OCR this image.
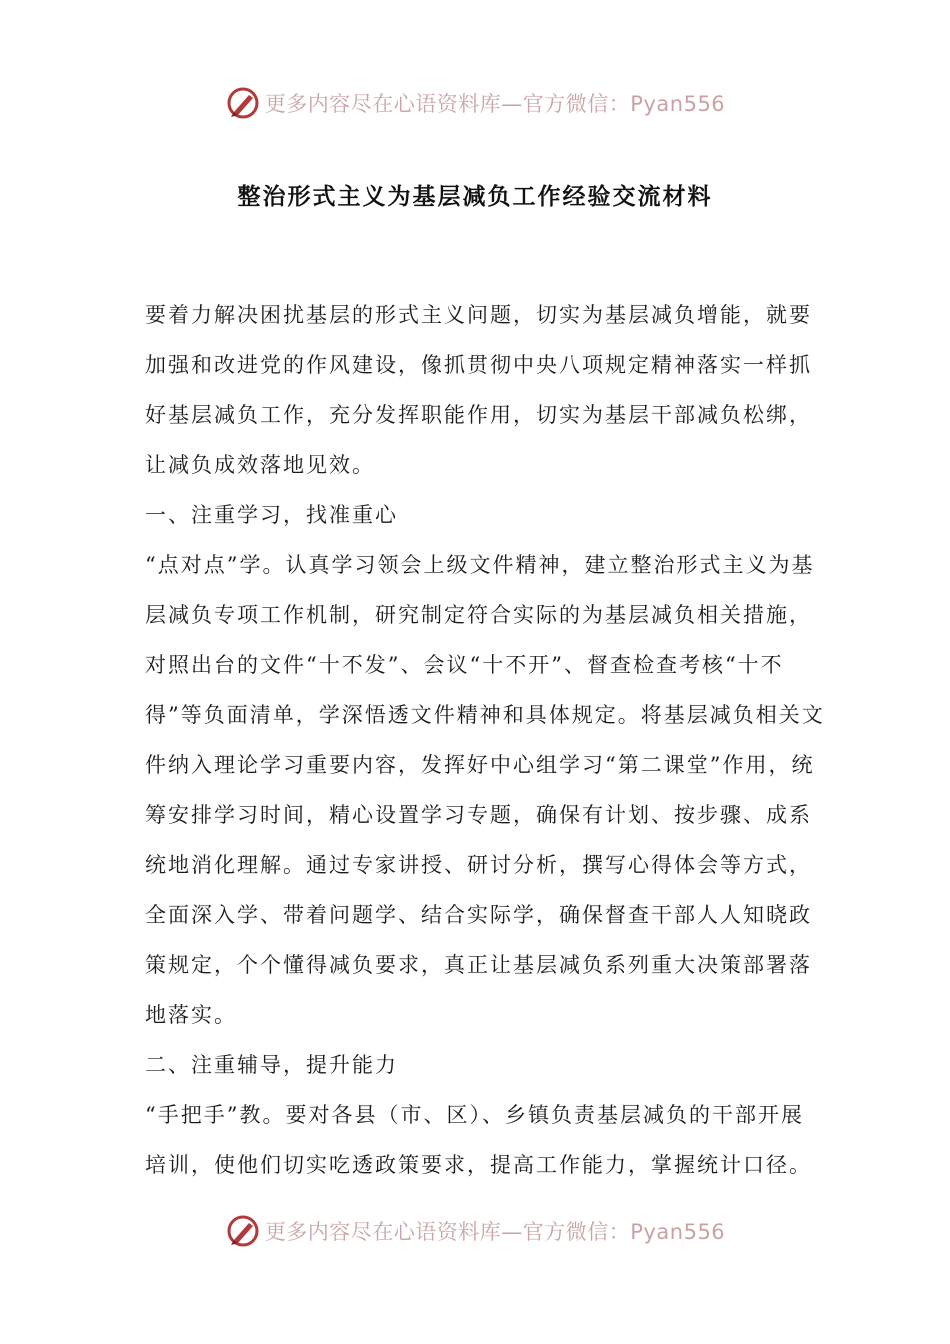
更多内容尽在心语资料库—官方微信：Pyan556
整治形式主义为基层减负工作经验交流材料

要着力解决困扰基层的形式主义问题，切实为基层减负增能，就要加强和改进党的作风建设，像抓贯彻中央八项规定精神落实一样抓好基层减负工作，充分发挥职能作用，切实为基层干部减负松绑，让减负成效落地见效。

一、注重学习，找准重心

“点对点”学。认真学习领会上级文件精神，建立整治形式主义为基层减负专项工作机制，研究制定符合实际的为基层减负相关措施，对照出台的文件“十不发”、会议“十不开”、督查检查考核“十不得”等负面清单，学深悟透文件精神和具体规定。将基层减负相关文件纳入理论学习重要内容，发挥好中心组学习“第二课堂”作用，统筹安排学习时间，精心设置学习专题，确保有计划、按步骤、成系统地消化理解。通过专家讲授、研讨分析，撰写心得体会等方式，全面深入学、带着问题学、结合实际学，确保督查干部人人知晓政策规定，个个懂得减负要求，真正让基层减负系列重大决策部署落地落实。

二、注重辅导，提升能力

“手把手”教。要对各县（市、区）、乡镇负责基层减负的干部开展培训，使他们切实吃透政策要求，提高工作能力，掌握统计口径。

更多内容尽在心语资料库—官方微信：Pyan556
